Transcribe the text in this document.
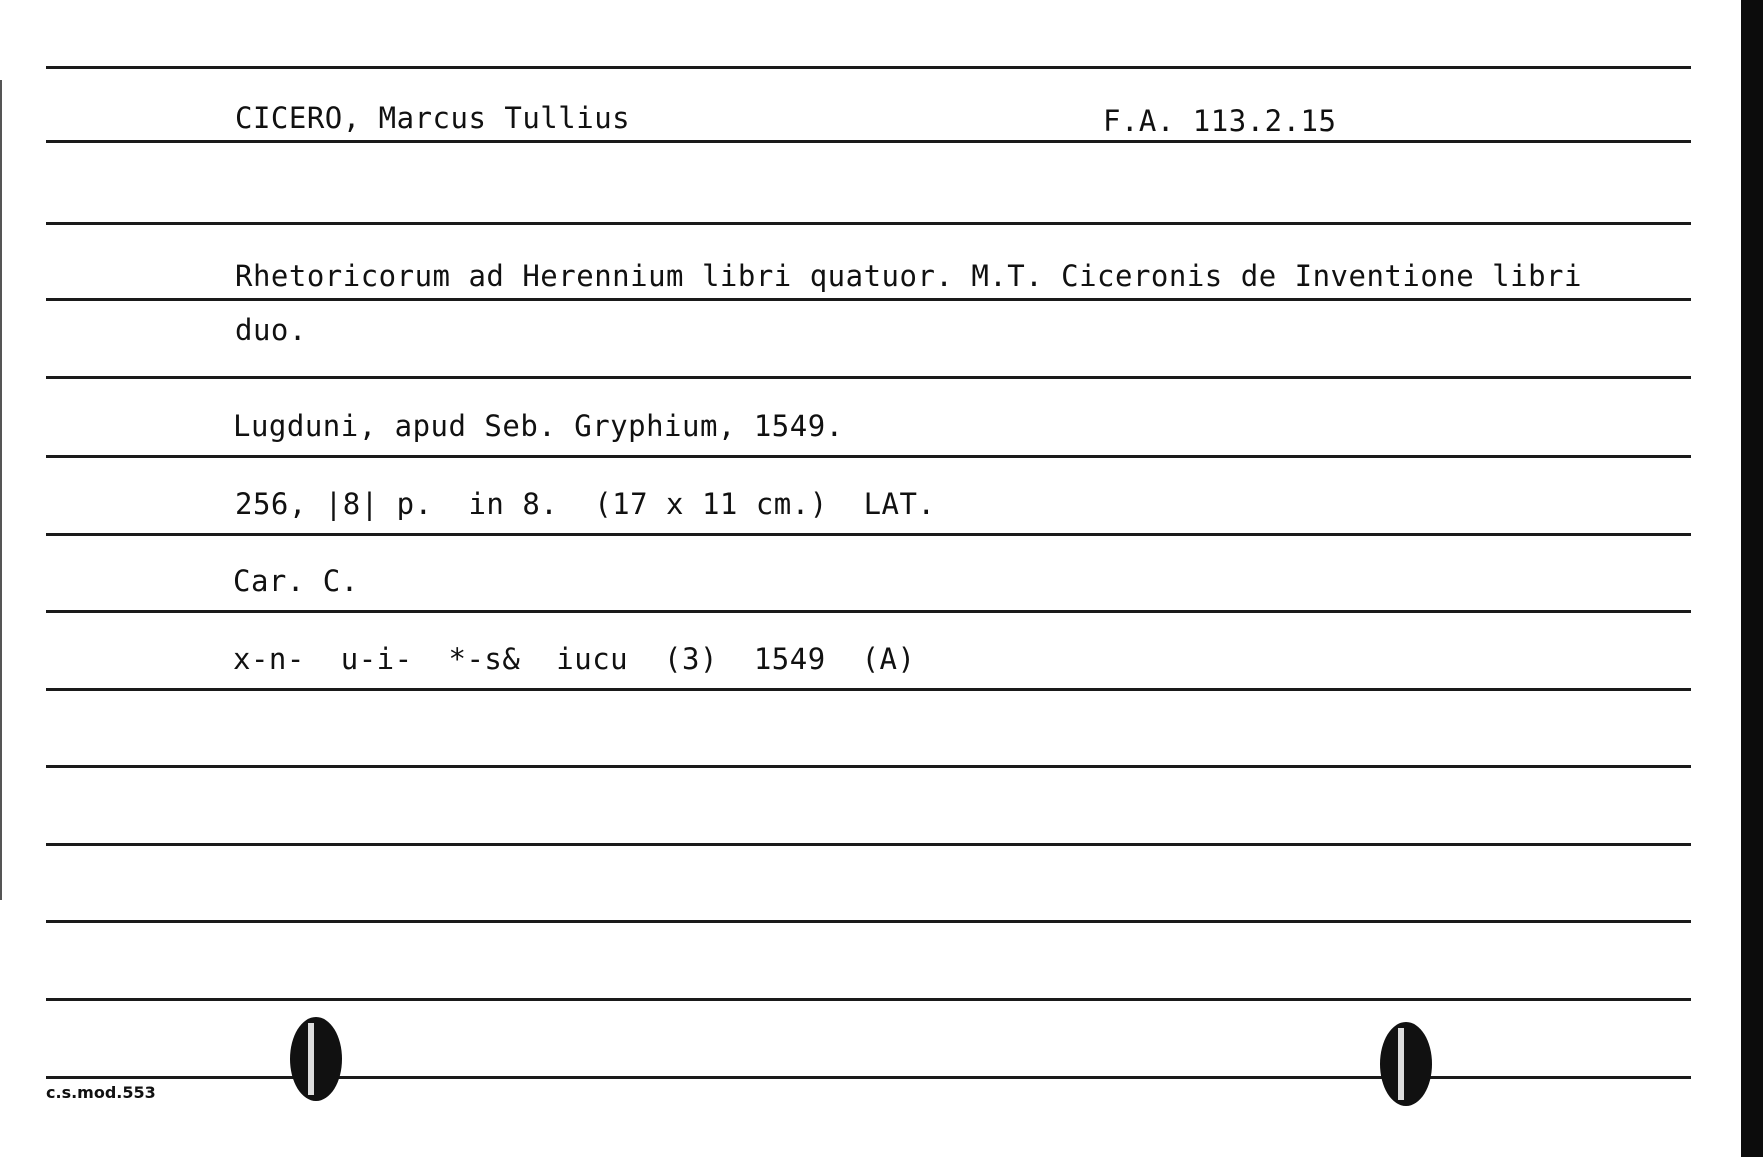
CICERO, Marcus Tullius	F.A. 113.2.15
Rhetoricorum ad Herennium libri quatuor. M.T. Ciceronis de Inventione libri
duo.
Lugduni, apud Seb. Gryphium, 1549.
256, |8| p.  in 8.  (17 x 11 cm.)  LAT.
Car. C.
x-n-  u-i-  *-s&  iucu  (3)  1549  (A)
c.s.mod.553
